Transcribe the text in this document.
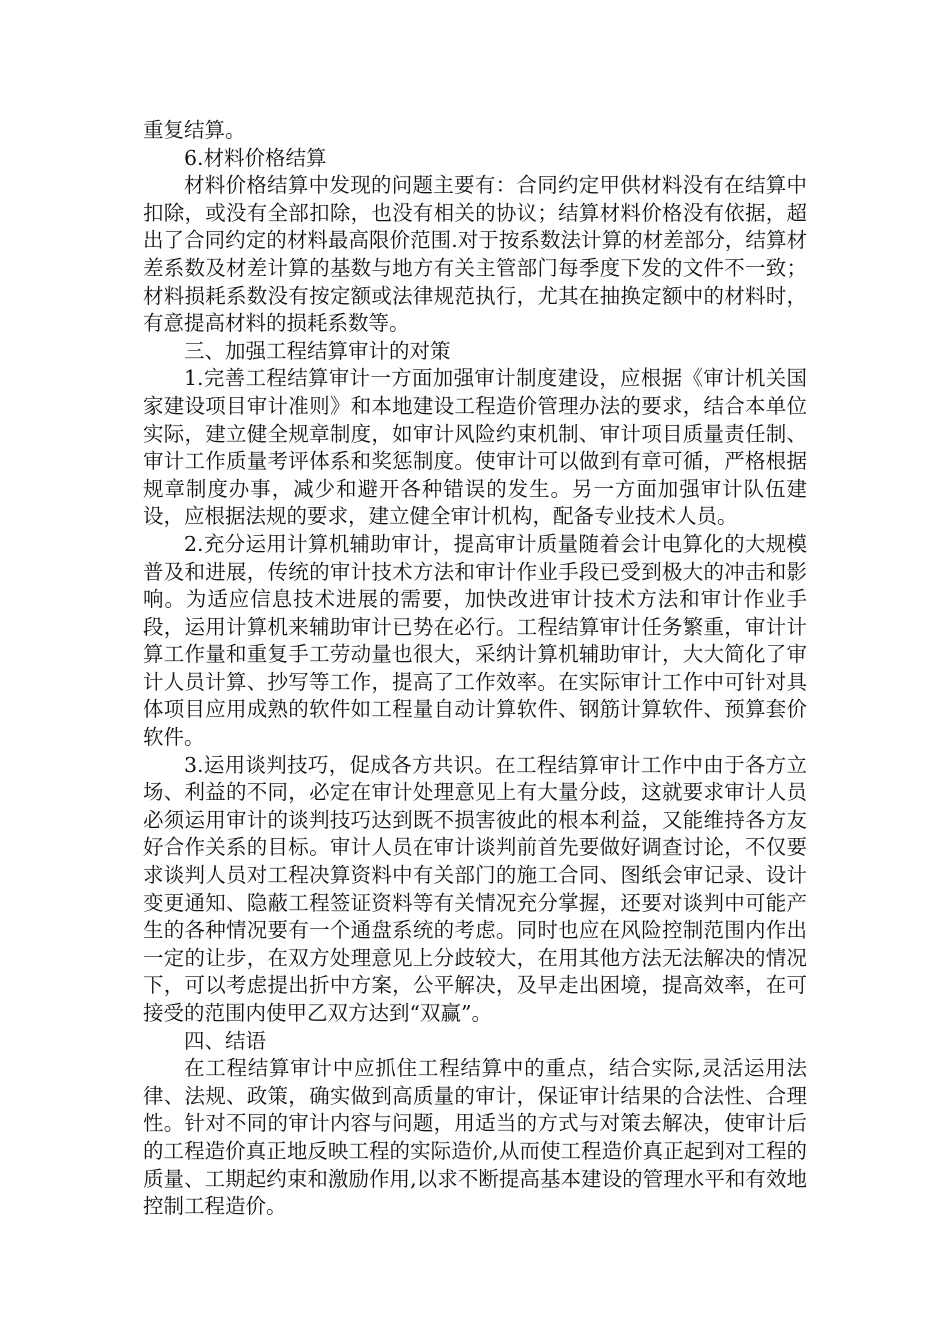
重复结算。

6.材料价格结算

材料价格结算中发现的问题主要有：合同约定甲供材料没有在结算中扣除，或没有全部扣除，也没有相关的协议；结算材料价格没有依据，超出了合同约定的材料最高限价范围.对于按系数法计算的材差部分，结算材差系数及材差计算的基数与地方有关主管部门每季度下发的文件不一致；材料损耗系数没有按定额或法律规范执行，尤其在抽换定额中的材料时，有意提高材料的损耗系数等。

三、加强工程结算审计的对策

1.完善工程结算审计一方面加强审计制度建设，应根据《审计机关国家建设项目审计准则》和本地建设工程造价管理办法的要求，结合本单位实际，建立健全规章制度，如审计风险约束机制、审计项目质量责任制、审计工作质量考评体系和奖惩制度。使审计可以做到有章可循，严格根据规章制度办事，减少和避开各种错误的发生。另一方面加强审计队伍建设，应根据法规的要求，建立健全审计机构，配备专业技术人员。

2.充分运用计算机辅助审计，提高审计质量随着会计电算化的大规模普及和进展，传统的审计技术方法和审计作业手段已受到极大的冲击和影响。为适应信息技术进展的需要，加快改进审计技术方法和审计作业手段，运用计算机来辅助审计已势在必行。工程结算审计任务繁重，审计计算工作量和重复手工劳动量也很大，采纳计算机辅助审计，大大简化了审计人员计算、抄写等工作，提高了工作效率。在实际审计工作中可针对具体项目应用成熟的软件如工程量自动计算软件、钢筋计算软件、预算套价软件。

3.运用谈判技巧，促成各方共识。在工程结算审计工作中由于各方立场、利益的不同，必定在审计处理意见上有大量分歧，这就要求审计人员必须运用审计的谈判技巧达到既不损害彼此的根本利益，又能维持各方友好合作关系的目标。审计人员在审计谈判前首先要做好调查讨论，不仅要求谈判人员对工程决算资料中有关部门的施工合同、图纸会审记录、设计变更通知、隐蔽工程签证资料等有关情况充分掌握，还要对谈判中可能产生的各种情况要有一个通盘系统的考虑。同时也应在风险控制范围内作出一定的让步，在双方处理意见上分歧较大，在用其他方法无法解决的情况下，可以考虑提出折中方案，公平解决，及早走出困境，提高效率，在可接受的范围内使甲乙双方达到“双赢”。

四、结语

在工程结算审计中应抓住工程结算中的重点，结合实际,灵活运用法律、法规、政策，确实做到高质量的审计，保证审计结果的合法性、合理性。针对不同的审计内容与问题，用适当的方式与对策去解决，使审计后的工程造价真正地反映工程的实际造价,从而使工程造价真正起到对工程的质量、工期起约束和激励作用,以求不断提高基本建设的管理水平和有效地控制工程造价。
